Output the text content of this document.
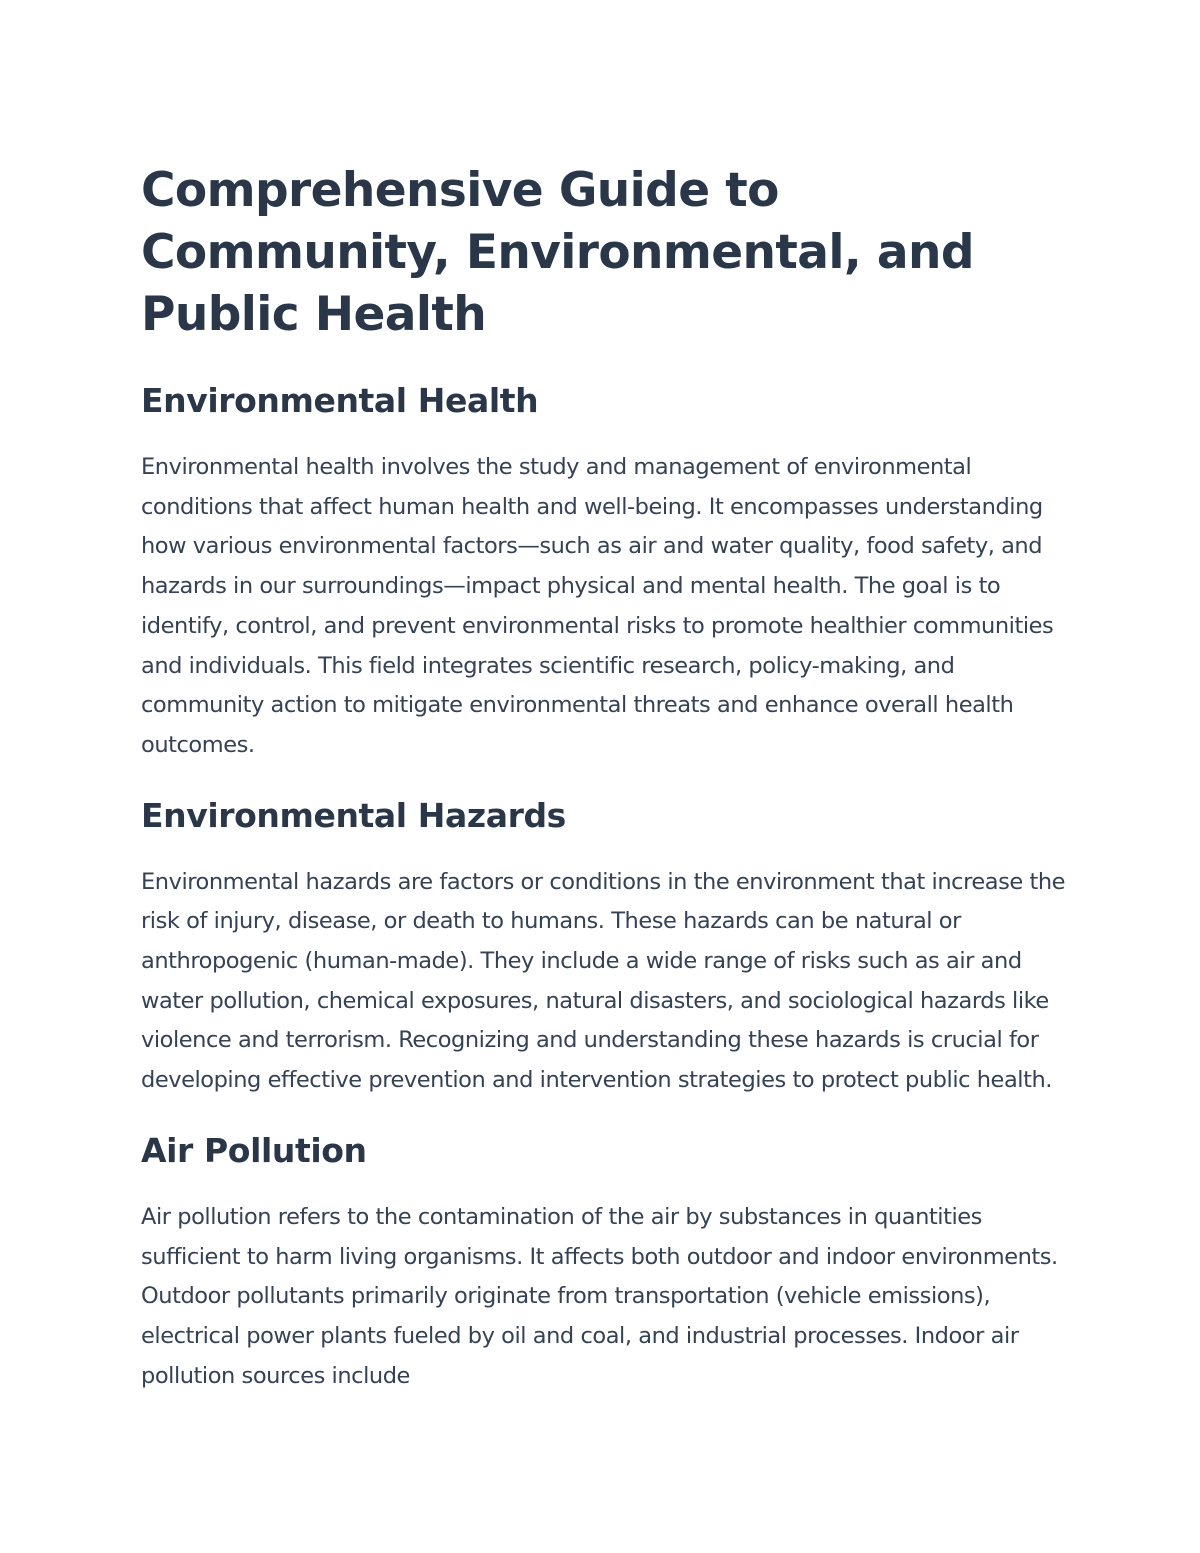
Comprehensive Guide to Community, Environmental, and Public Health
Environmental Health

Environmental health involves the study and management of environmental conditions that affect human health and well-being. It encompasses understanding how various environmental factors—such as air and water quality, food safety, and hazards in our surroundings—impact physical and mental health. The goal is to identify, control, and prevent environmental risks to promote healthier communities and individuals. This field integrates scientific research, policy-making, and community action to mitigate environmental threats and enhance overall health outcomes.

Environmental Hazards

Environmental hazards are factors or conditions in the environment that increase the risk of injury, disease, or death to humans. These hazards can be natural or anthropogenic (human-made). They include a wide range of risks such as air and water pollution, chemical exposures, natural disasters, and sociological hazards like violence and terrorism. Recognizing and understanding these hazards is crucial for developing effective prevention and intervention strategies to protect public health.

Air Pollution

Air pollution refers to the contamination of the air by substances in quantities sufficient to harm living organisms. It affects both outdoor and indoor environments. Outdoor pollutants primarily originate from transportation (vehicle emissions), electrical power plants fueled by oil and coal, and industrial processes. Indoor air pollution sources include
